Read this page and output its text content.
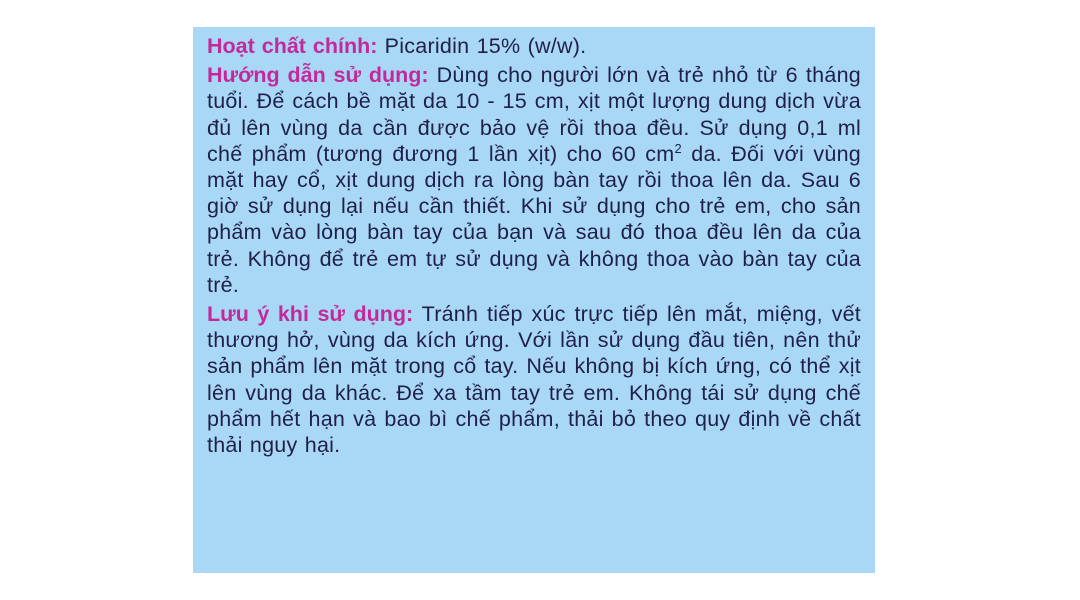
Hoạt chất chính: Picaridin 15% (w/w).

Hướng dẫn sử dụng: Dùng cho người lớn và trẻ nhỏ từ 6 tháng tuổi. Để cách bề mặt da 10 - 15 cm, xịt một lượng dung dịch vừa đủ lên vùng da cần được bảo vệ rồi thoa đều. Sử dụng 0,1 ml chế phẩm (tương đương 1 lần xịt) cho 60 $cm^2$ da. Đối với vùng mặt hay cổ, xịt dung dịch ra lòng bàn tay rồi thoa lên da. Sau 6 giờ sử dụng lại nếu cần thiết. Khi sử dụng cho trẻ em, cho sản phẩm vào lòng bàn tay của bạn và sau đó thoa đều lên da của trẻ. Không để trẻ em tự sử dụng và không thoa vào bàn tay của trẻ.

Lưu ý khi sử dụng: Tránh tiếp xúc trực tiếp lên mắt, miệng, vết thương hở, vùng da kích ứng. Với lần sử dụng đầu tiên, nên thử sản phẩm lên mặt trong cổ tay. Nếu không bị kích ứng, có thể xịt lên vùng da khác. Để xa tầm tay trẻ em. Không tái sử dụng chế phẩm hết hạn và bao bì chế phẩm, thải bỏ theo quy định về chất thải nguy hại.
